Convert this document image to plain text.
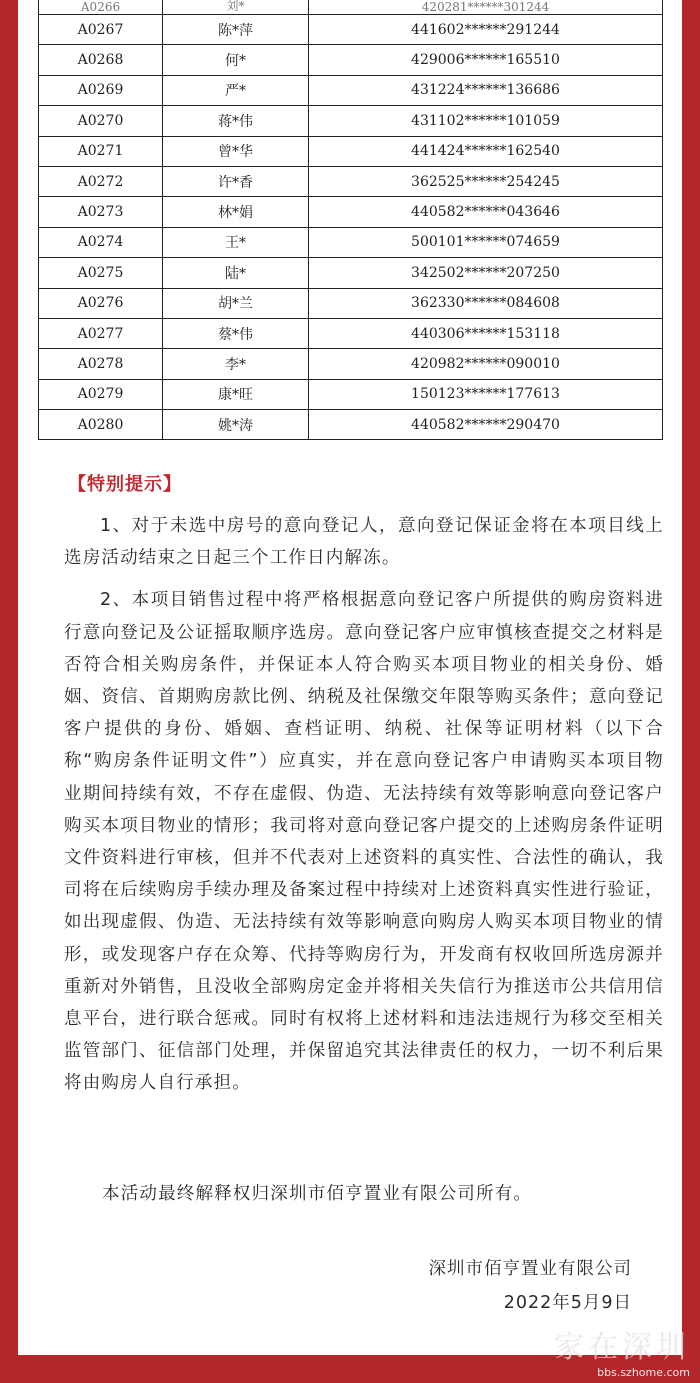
A0266	刘*	420281******301244
A0267	陈*萍	441602******291244
A0268	何*	429006******165510
A0269	严*	431224******136686
A0270	蒋*伟	431102******101059
A0271	曾*华	441424******162540
A0272	许*香	362525******254245
A0273	林*娟	440582******043646
A0274	王*	500101******074659
A0275	陆*	342502******207250
A0276	胡*兰	362330******084608
A0277	蔡*伟	440306******153118
A0278	李*	420982******090010
A0279	康*旺	150123******177613
A0280	姚*涛	440582******290470
【特别提示】

1、对于未选中房号的意向登记人，意向登记保证金将在本项目线上选房活动结束之日起三个工作日内解冻。

2、本项目销售过程中将严格根据意向登记客户所提供的购房资料进行意向登记及公证摇取顺序选房。意向登记客户应审慎核查提交之材料是否符合相关购房条件，并保证本人符合购买本项目物业的相关身份、婚姻、资信、首期购房款比例、纳税及社保缴交年限等购买条件；意向登记客户提供的身份、婚姻、查档证明、纳税、社保等证明材料（以下合称“购房条件证明文件”）应真实，并在意向登记客户申请购买本项目物业期间持续有效，不存在虚假、伪造、无法持续有效等影响意向登记客户购买本项目物业的情形；我司将对意向登记客户提交的上述购房条件证明文件资料进行审核，但并不代表对上述资料的真实性、合法性的确认，我司将在后续购房手续办理及备案过程中持续对上述资料真实性进行验证，如出现虚假、伪造、无法持续有效等影响意向购房人购买本项目物业的情形，或发现客户存在众筹、代持等购房行为，开发商有权收回所选房源并重新对外销售，且没收全部购房定金并将相关失信行为推送市公共信用信息平台，进行联合惩戒。同时有权将上述材料和违法违规行为移交至相关监管部门、征信部门处理，并保留追究其法律责任的权力，一切不利后果将由购房人自行承担。

本活动最终解释权归深圳市佰亨置业有限公司所有。
深圳市佰亨置业有限公司
2022年5月9日
家在深圳
bbs.szhome.com
